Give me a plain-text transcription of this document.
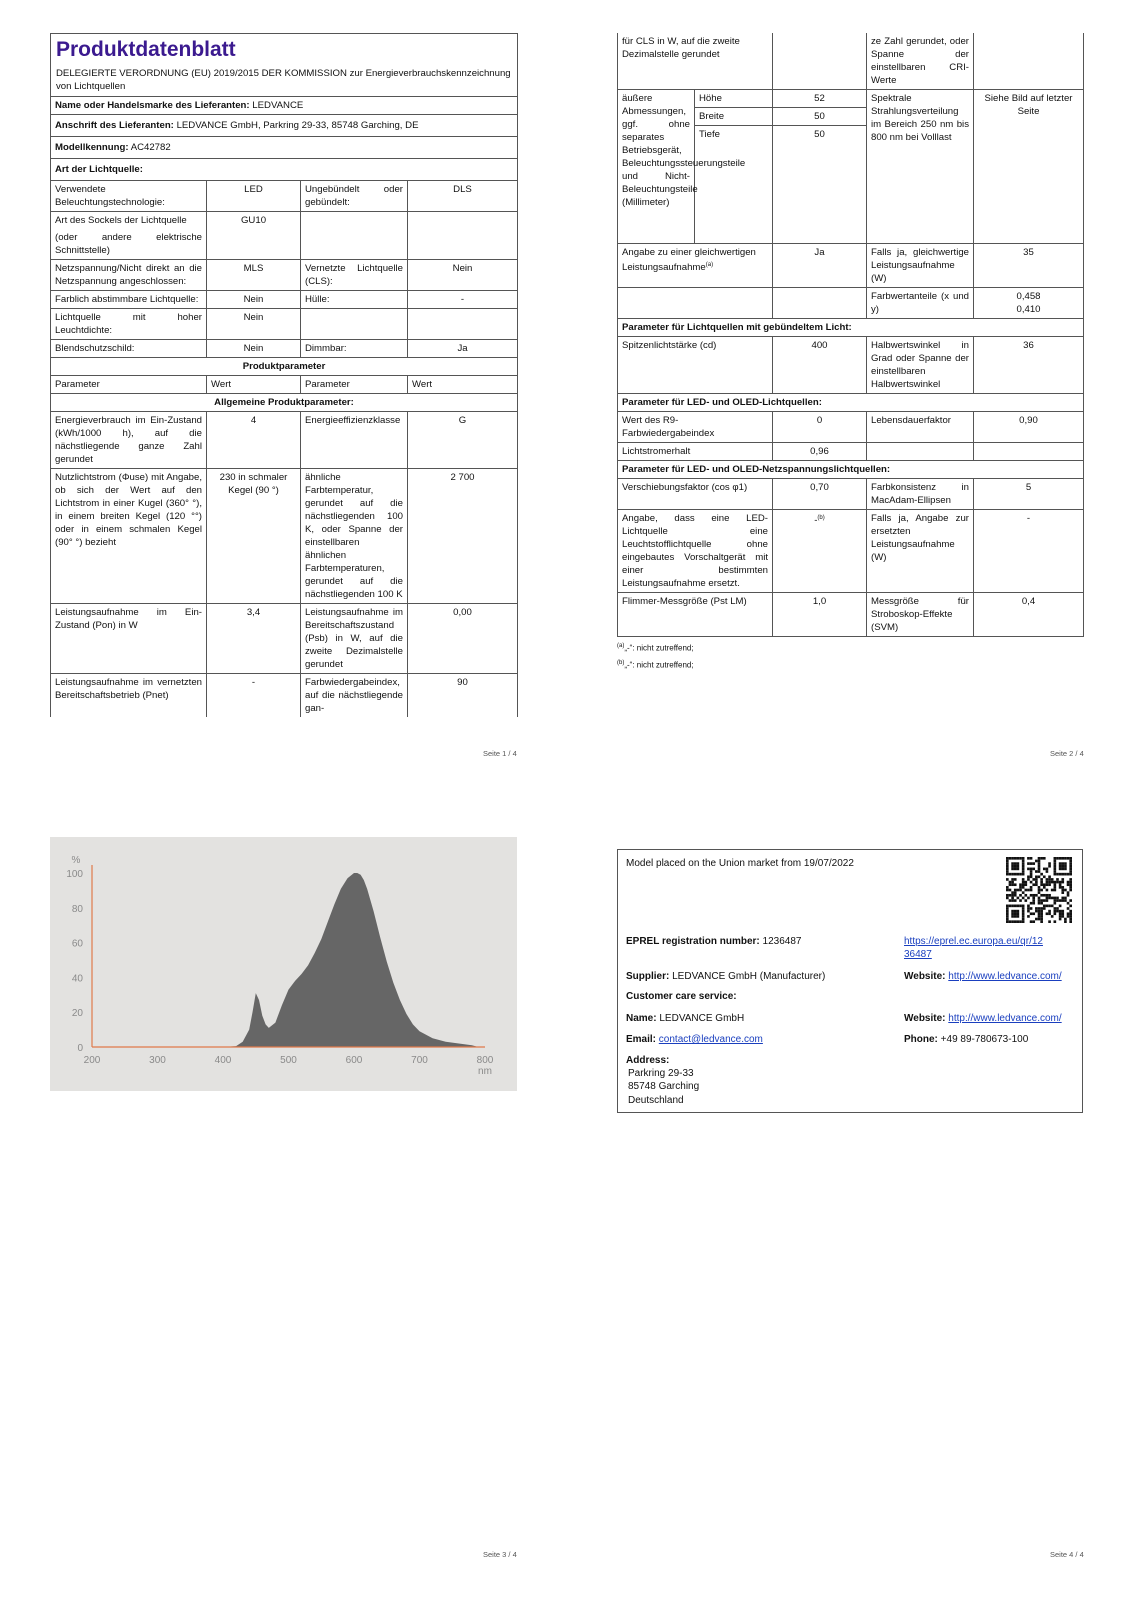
Produktdatenblatt
DELEGIERTE VERORDNUNG (EU) 2019/2015 DER KOMMISSION zur Energieverbrauchskennzeichnung von Lichtquellen			

Name oder Handelsmarke des Lieferanten: LEDVANCE			
Anschrift des Lieferanten: LEDVANCE GmbH, Parkring 29-33, 85748 Garching, DE			
Modellkennung: AC42782			
Art der Lichtquelle:			
Verwendete Beleuchtungstechnologie:	LED	Ungebündelt oder gebündelt:	DLS
Art des Sockels der Lichtquelle	GU10		
(oder andere elektrische Schnittstelle)			
Netzspannung/Nicht direkt an die Netzspannung angeschlossen:	MLS	Vernetzte Lichtquelle (CLS):	Nein
Farblich abstimmbare Lichtquelle:	Nein	Hülle:	-
Lichtquelle mit hoher Leuchtdichte:	Nein		
Blendschutzschild:	Nein	Dimmbar:	Ja
Produktparameter			
Parameter	Wert	Parameter	Wert
Allgemeine Produktparameter:			
Energieverbrauch im Ein-Zustand (kWh/1000 h), auf die nächstliegende ganze Zahl gerundet	4	Energieeffizienzklasse	G
Nutzlichtstrom (Φuse) mit Angabe, ob sich der Wert auf den Lichtstrom in einer Kugel (360° °), in einem breiten Kegel (120 °°) oder in einem schmalen Kegel (90° °) bezieht	230 in schmaler Kegel (90 °)	ähnliche Farbtemperatur, gerundet auf die nächstliegenden 100 K, oder Spanne der einstellbaren ähnlichen Farbtemperaturen, gerundet auf die nächstliegenden 100 K	2 700
Leistungsaufnahme im Ein-Zustand (Pon) in W	3,4	Leistungsaufnahme im Bereitschaftszustand (Psb) in W, auf die zweite Dezimalstelle gerundet	0,00
Leistungsaufnahme im vernetzten Bereitschaftsbetrieb (Pnet)	-	Farbwiedergabeindex, auf die nächstliegende gan-	90
Seite 1 / 4
für CLS in W, auf die zweite Dezimalstelle gerundet			ze Zahl gerundet, oder Spanne der einstellbaren CRI-Werte	
äußere Abmessungen, ggf. ohne separates Betriebsgerät, Beleuchtungssteuerungsteile und Nicht-Beleuchtungsteile (Millimeter)	Höhe	52	Spektrale Strahlungsverteilung im Bereich 250 nm bis 800 nm bei Volllast	Siehe Bild auf letzter Seite
	Breite	50		
	Tiefe	50		
Angabe zu einer gleichwertigen Leistungsaufnahme$^{(a)}$		Ja	Falls ja, gleichwertige Leistungsaufnahme (W)	35
			Farbwertanteile (x und y)	0,458
0,410

Parameter für Lichtquellen mit gebündeltem Licht:				
Spitzenlichtstärke (cd)		400	Halbwertswinkel in Grad oder Spanne der einstellbaren Halbwertswinkel	36
Parameter für LED- und OLED-Lichtquellen:				
Wert des R9-Farbwiedergabeindex		0	Lebensdauerfaktor	0,90
Lichtstromerhalt		0,96		
Parameter für LED- und OLED-Netzspannungslichtquellen:				
Verschiebungsfaktor (cos φ1)		0,70	Farbkonsistenz in MacAdam-Ellipsen	5
Angabe, dass eine LED-Lichtquelle eine Leuchtstofflichtquelle ohne eingebautes Vorschaltgerät mit einer bestimmten Leistungsaufnahme ersetzt.		-$^{(b)}$	Falls ja, Angabe zur ersetzten Leistungsaufnahme (W)	-
Flimmer-Messgröße (Pst LM)		1,0	Messgröße für Stroboskop-Effekte (SVM)	0,4
$^{(a)}$„-“: nicht zutreffend;
$^{(b)}$„-“: nicht zutreffend;
Seite 2 / 4
0
20
40
60
80
100
200	300	400	500	600	700	800
%
nm
Seite 3 / 4
Model placed on the Union market from 19/07/2022
EPREL registration number: 1236487	https://eprel.ec.europa.eu/qr/12
36487
Supplier: LEDVANCE GmbH (Manufacturer)	Website: http://www.ledvance.com/
Customer care service:
Name: LEDVANCE GmbH	Website: http://www.ledvance.com/
Email: contact@ledvance.com	Phone: +49 89-780673-100
Address:
Parkring 29-33
85748 Garching
Deutschland
Seite 4 / 4
